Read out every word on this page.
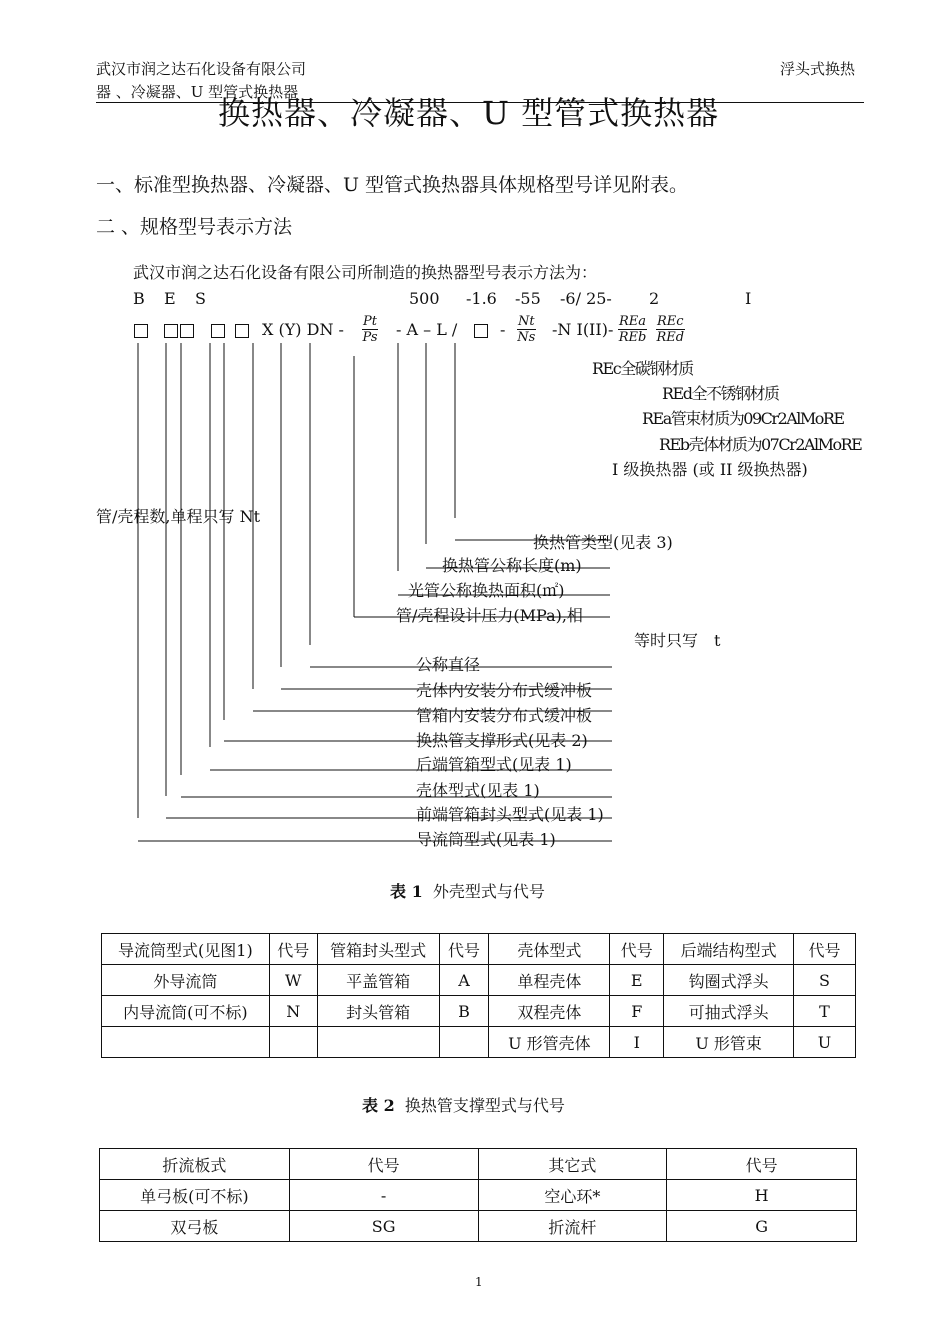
武汉市润之达石化设备有限公司
器 、冷凝器、U 型管式换热器
浮头式换热
换热器、冷凝器、U 型管式换热器
一、标准型换热器、冷凝器、U 型管式换热器具体规格型号详见附表。
二 、规格型号表示方法
武汉市润之达石化设备有限公司所制造的换热器型号表示方法为：
B E S	500 -1.6 -55 -6/ 25- 2	I
X (Y) DN - $\frac{Pt}{Ps}$ - A – L /	- $\frac{Nt}{Ns} -N$ I(II)- REa
REb
REc
REd
REc全碳钢材质
REd全不锈钢材质
REa管束材质为09Cr2AlMoRE
REb壳体材质为07Cr2AlMoRE
I 级换热器 (或 II 级换热器)
管/壳程数,单程只写 Nt
换热管类型(见表 3)
换热管公称长度(m)
光管公称换热面积(㎡)
管/壳程设计压力(MPa),相
等时只写　t
公称直径
壳体内安装分布式缓冲板
管箱内安装分布式缓冲板
换热管支撑形式(见表 2)
后端管箱型式(见表 1)
壳体型式(见表 1)
前端管箱封头型式(见表 1)
导流筒型式(见表 1)
表 1 外壳型式与代号
导流筒型式(见图1)	代号	管箱封头型式	代号	壳体型式	代号	后端结构型式	代号
外导流筒	W	平盖管箱	A	单程壳体	E	钩圈式浮头	S
内导流筒(可不标)	N	封头管箱	B	双程壳体	F	可抽式浮头	T
				U 形管壳体	I	U 形管束	U
表 2 换热管支撑型式与代号
折流板式	代号	其它式	代号
单弓板(可不标)	-	空心环*	H
双弓板	SG	折流杆	G
1
